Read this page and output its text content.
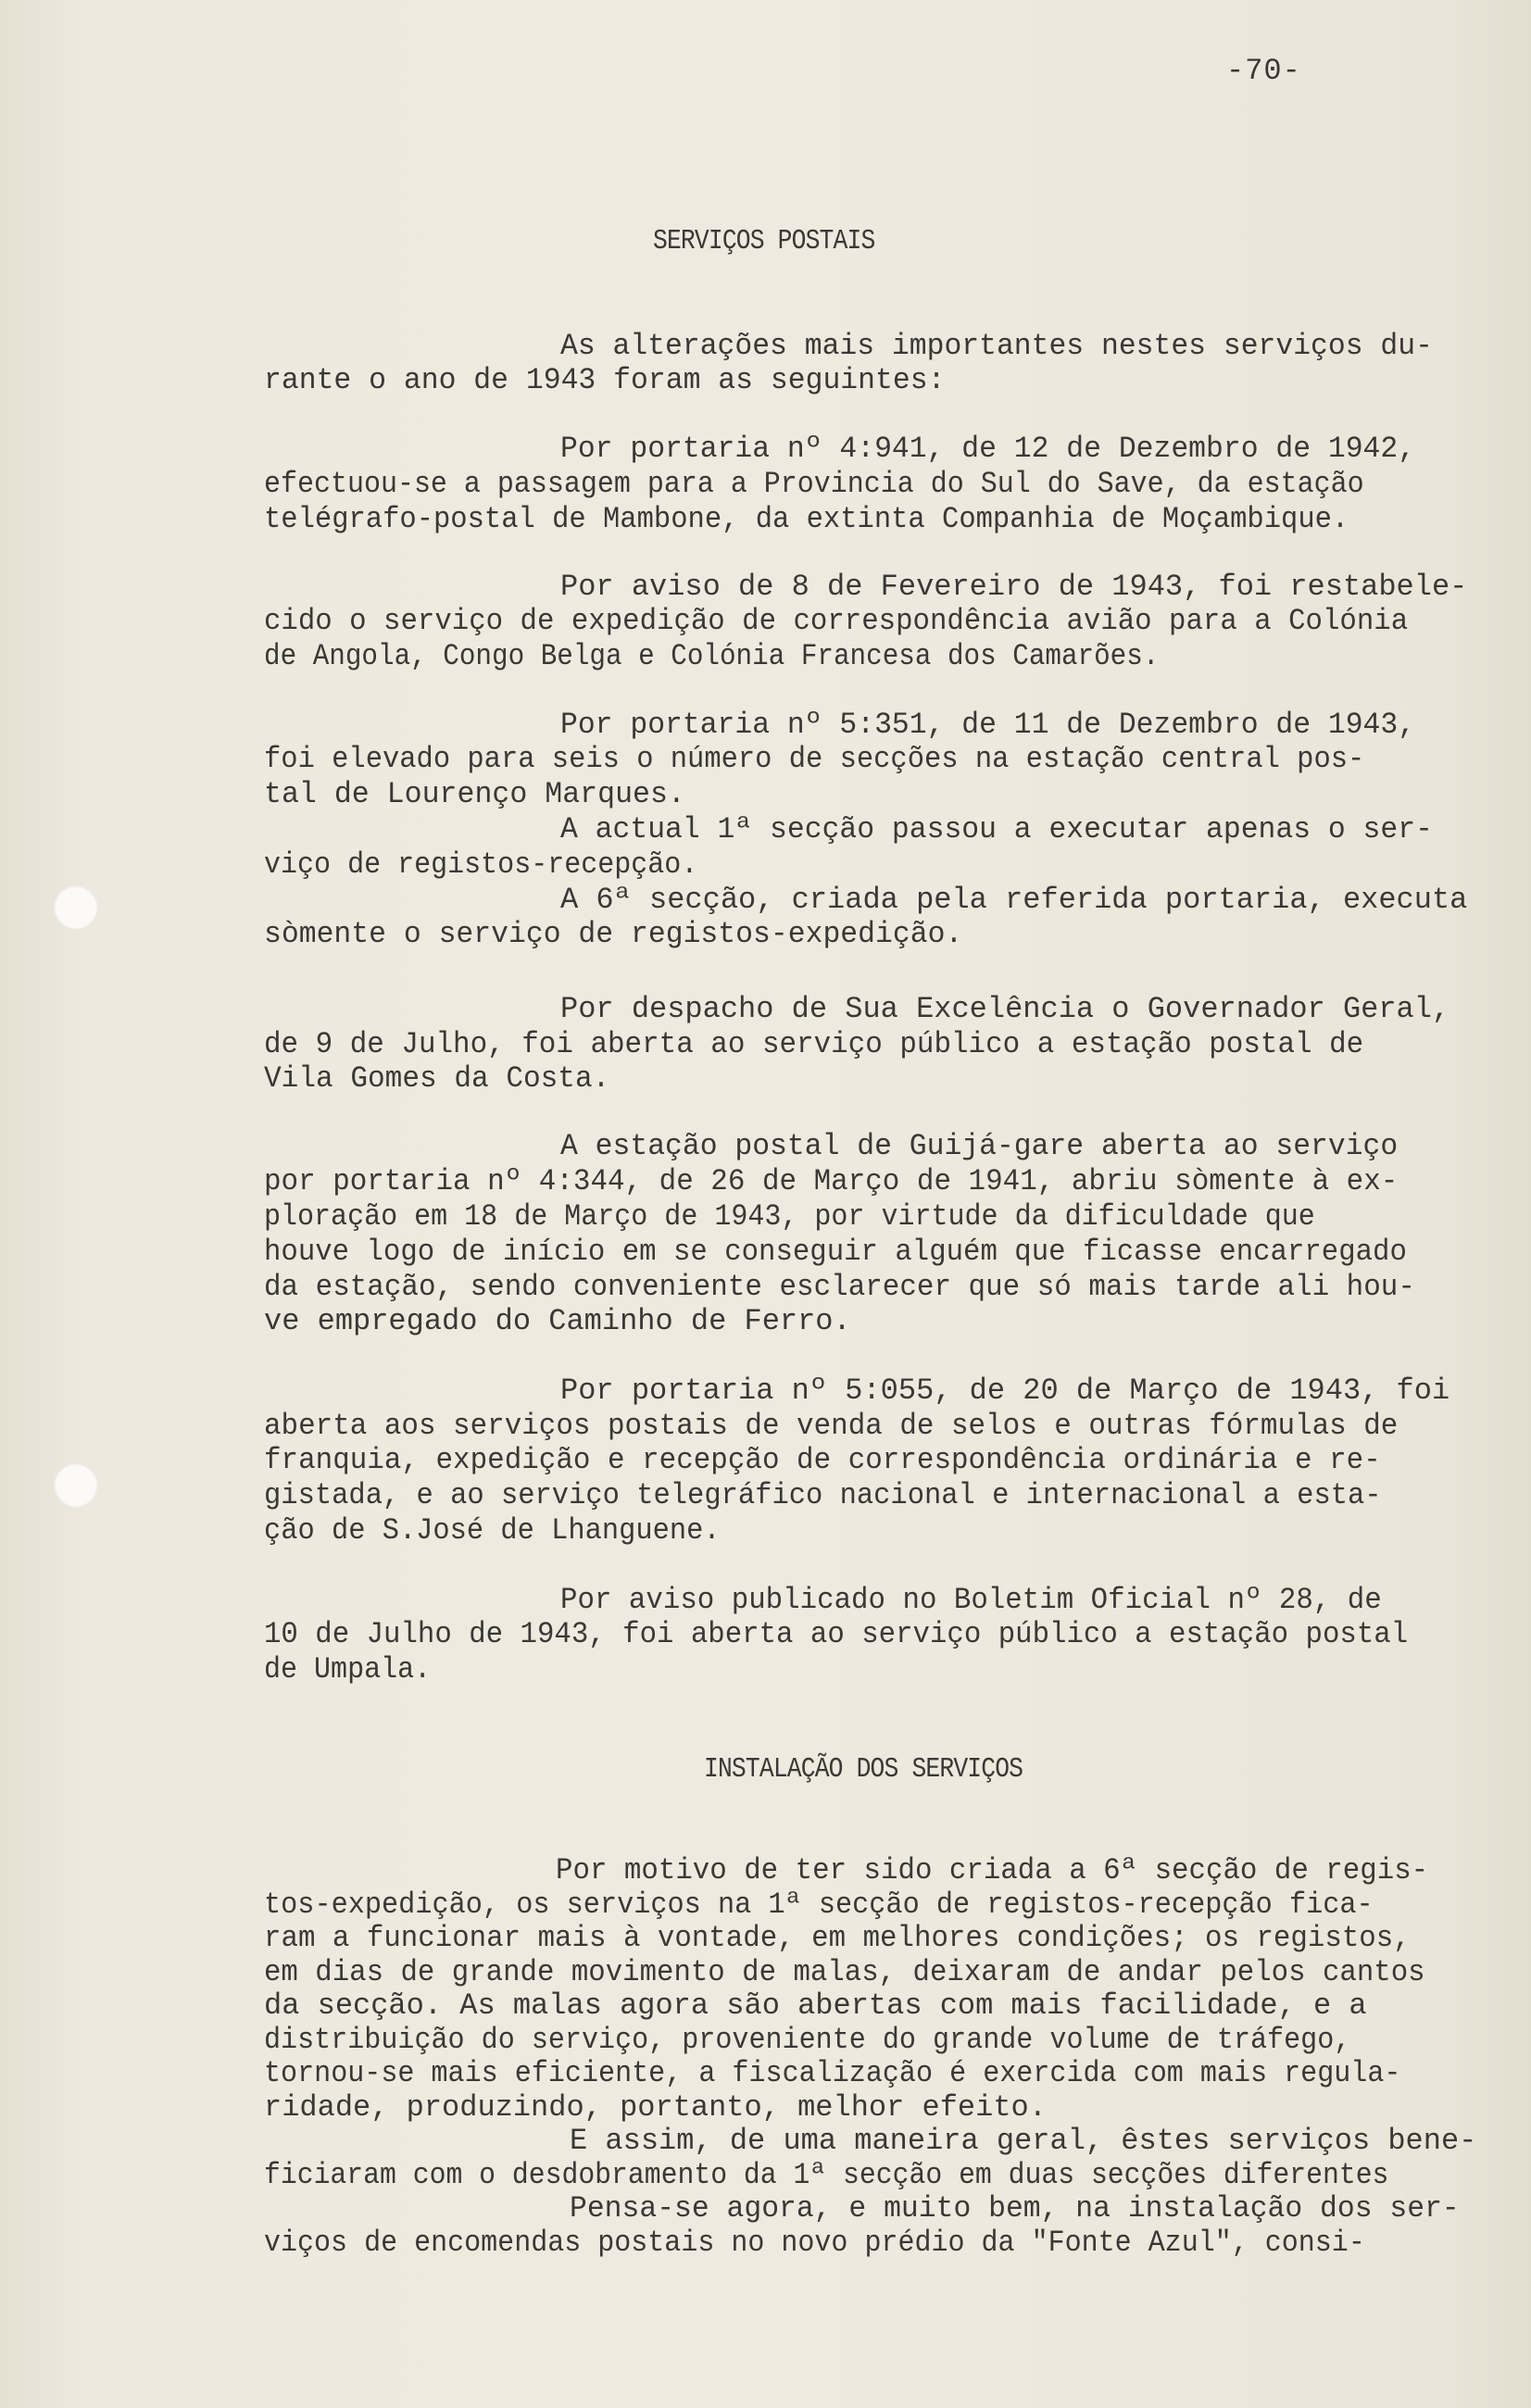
-70-
SERVIÇOS POSTAIS
As alterações mais importantes nestes serviços du-
rante o ano de 1943 foram as seguintes:
Por portaria nº 4:941, de 12 de Dezembro de 1942,
efectuou-se a passagem para a Provincia do Sul do Save, da estação
telégrafo-postal de Mambone, da extinta Companhia de Moçambique.
Por aviso de 8 de Fevereiro de 1943, foi restabele-
cido o serviço de expedição de correspondência avião para a Colónia
de Angola, Congo Belga e Colónia Francesa dos Camarões.
Por portaria nº 5:351, de 11 de Dezembro de 1943,
foi elevado para seis o número de secções na estação central pos-
tal de Lourenço Marques.
A actual 1ª secção passou a executar apenas o ser-
viço de registos-recepção.
A 6ª secção, criada pela referida portaria, executa
sòmente o serviço de registos-expedição.
Por despacho de Sua Excelência o Governador Geral,
de 9 de Julho, foi aberta ao serviço público a estação postal de
Vila Gomes da Costa.
A estação postal de Guijá-gare aberta ao serviço
por portaria nº 4:344, de 26 de Março de 1941, abriu sòmente à ex-
ploração em 18 de Março de 1943, por virtude da dificuldade que
houve logo de início em se conseguir alguém que ficasse encarregado
da estação, sendo conveniente esclarecer que só mais tarde ali hou-
ve empregado do Caminho de Ferro.
Por portaria nº 5:055, de 20 de Março de 1943, foi
aberta aos serviços postais de venda de selos e outras fórmulas de
franquia, expedição e recepção de correspondência ordinária e re-
gistada, e ao serviço telegráfico nacional e internacional a esta-
ção de S.José de Lhanguene.
Por aviso publicado no Boletim Oficial nº 28, de
10 de Julho de 1943, foi aberta ao serviço público a estação postal
de Umpala.
INSTALAÇÃO DOS SERVIÇOS
Por motivo de ter sido criada a 6ª secção de regis-
tos-expedição, os serviços na 1ª secção de registos-recepção fica-
ram a funcionar mais à vontade, em melhores condições; os registos,
em dias de grande movimento de malas, deixaram de andar pelos cantos
da secção. As malas agora são abertas com mais facilidade, e a
distribuição do serviço, proveniente do grande volume de tráfego,
tornou-se mais eficiente, a fiscalização é exercida com mais regula-
ridade, produzindo, portanto, melhor efeito.
E assim, de uma maneira geral, êstes serviços bene-
ficiaram com o desdobramento da 1ª secção em duas secções diferentes
Pensa-se agora, e muito bem, na instalação dos ser-
viços de encomendas postais no novo prédio da "Fonte Azul", consi-
